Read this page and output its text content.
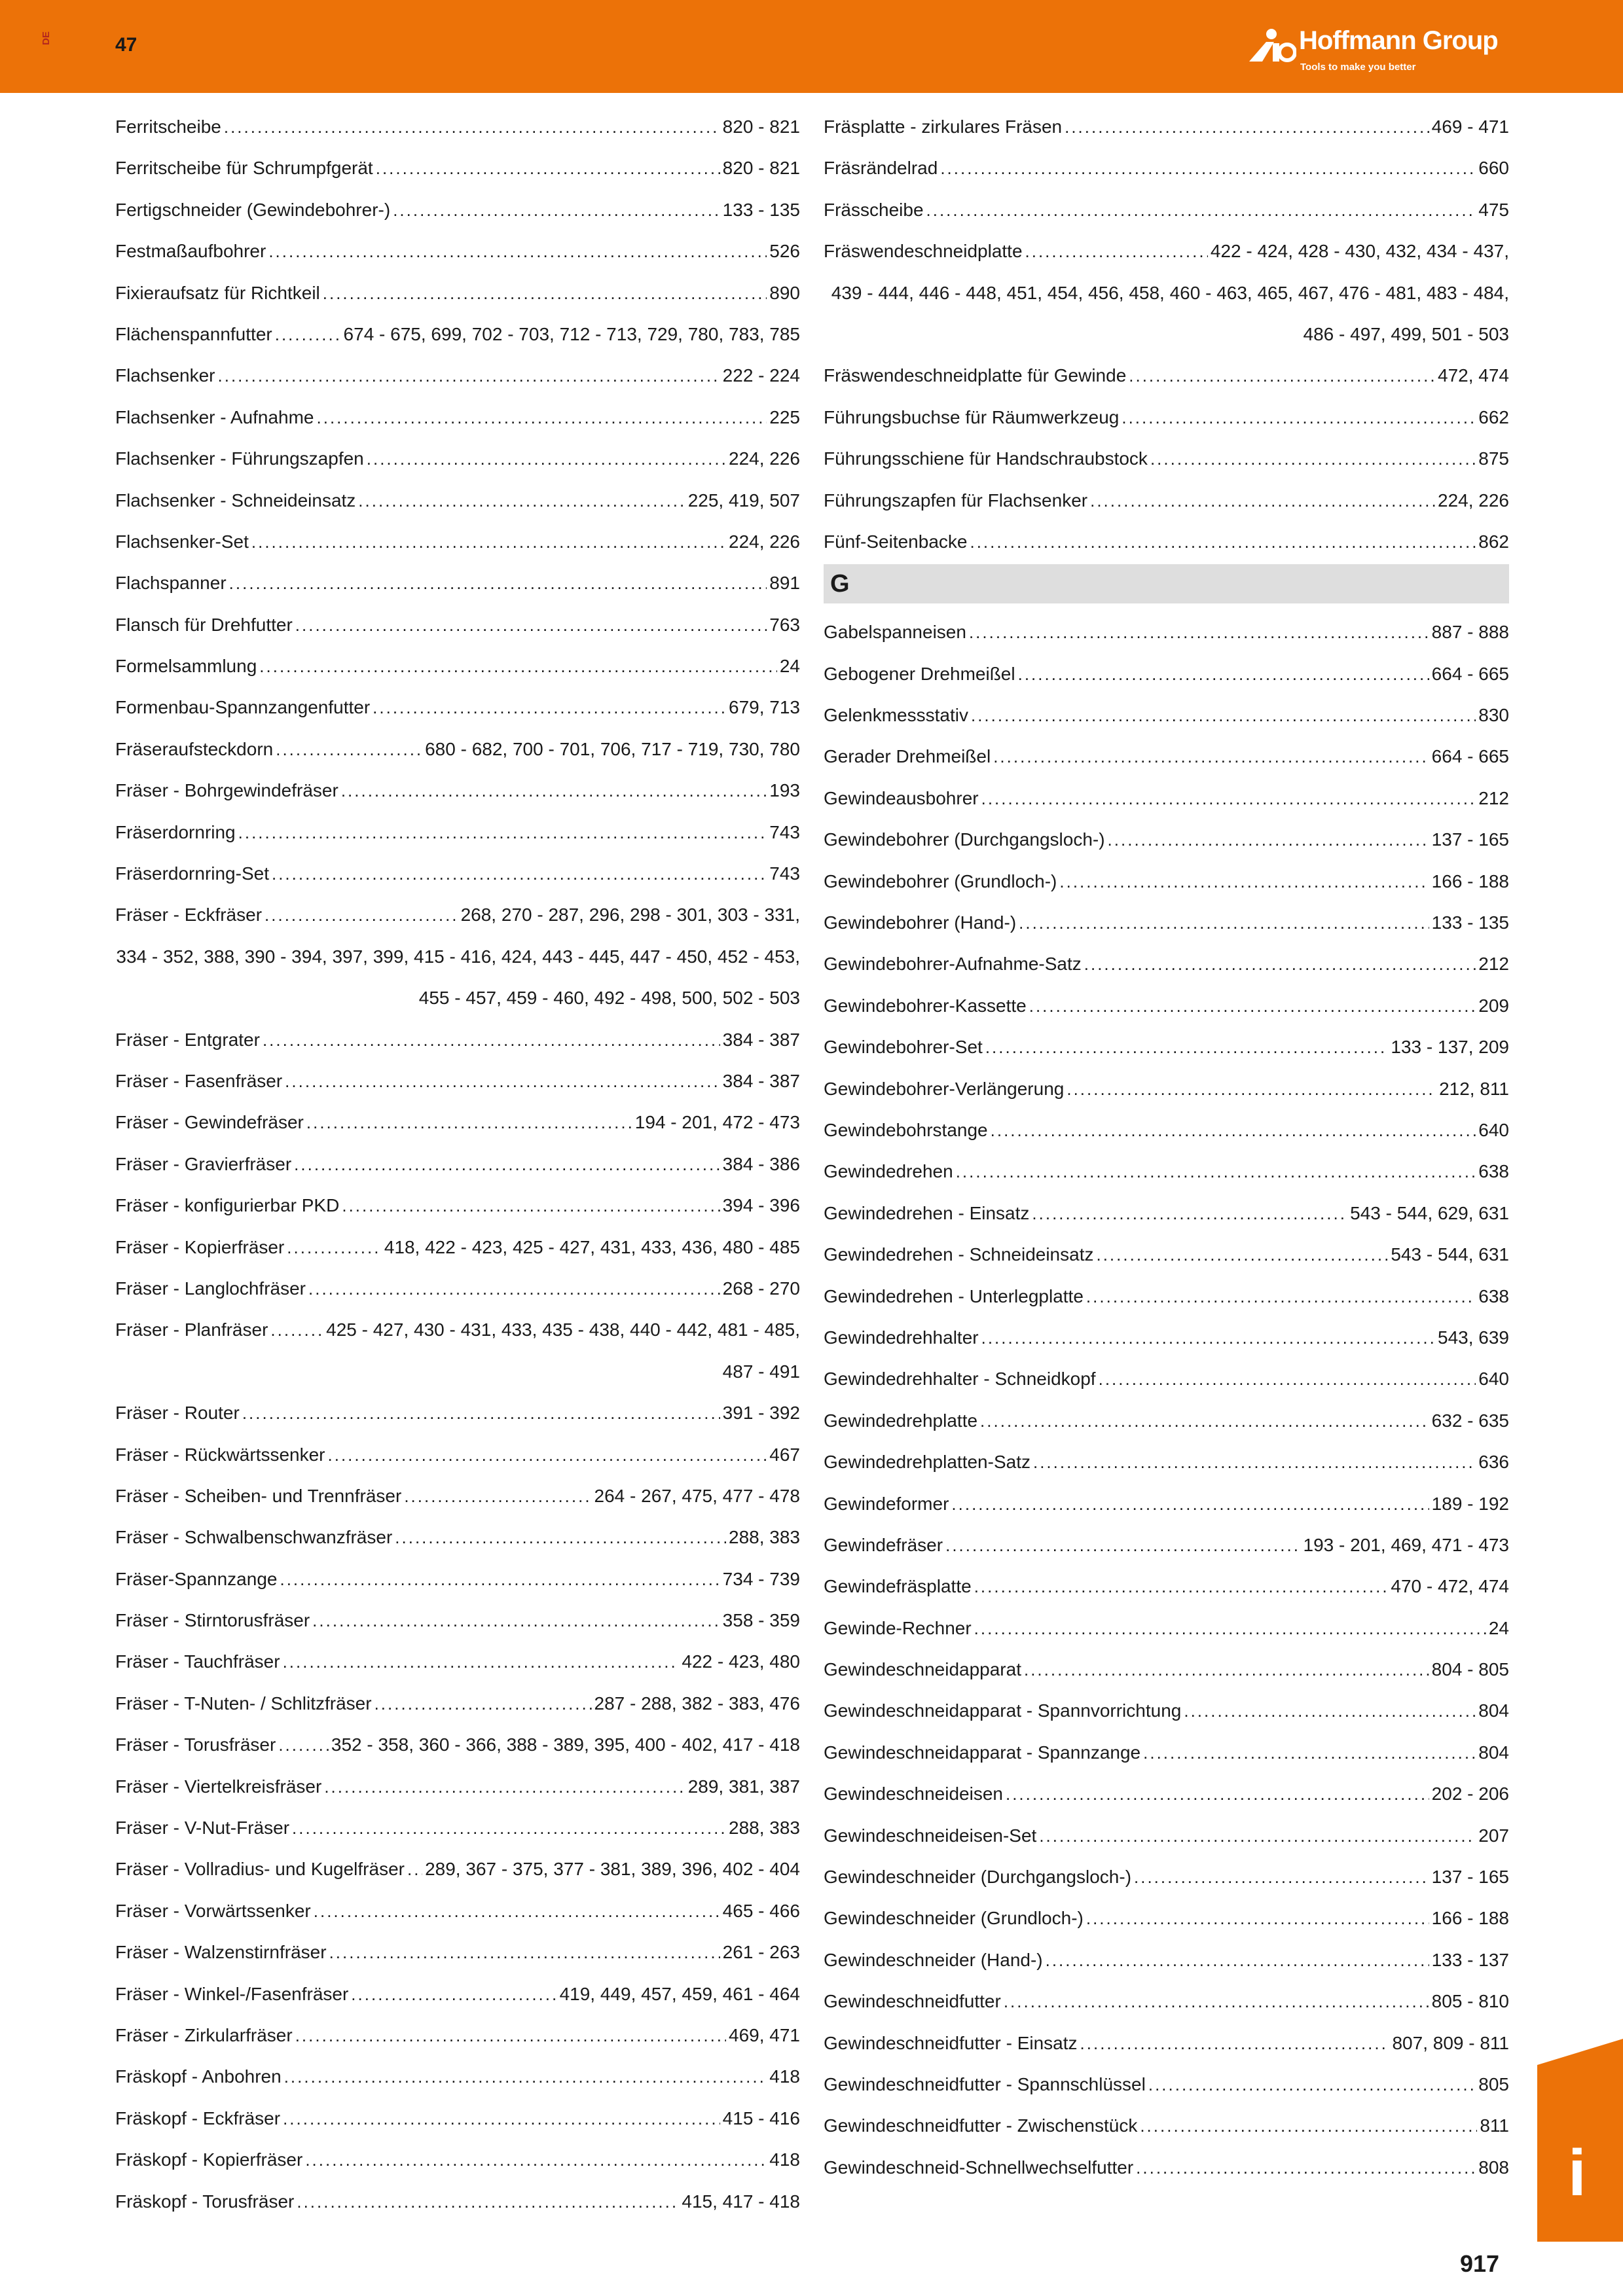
DE	47	Hoffmann Group
Tools to make you better
Ferritscheibe .....	820 - 821
Ferritscheibe für Schrumpfgerät .....	820 - 821
Fertigschneider (Gewindebohrer-) .....	133 - 135
Festmaßaufbohrer .....	526
Fixieraufsatz für Richtkeil .....	890
Flächenspannfutter .....	674 - 675, 699, 702 - 703, 712 - 713, 729, 780, 783, 785
Flachsenker .....	222 - 224
Flachsenker - Aufnahme .....	225
Flachsenker - Führungszapfen .....	224, 226
Flachsenker - Schneideinsatz .....	225, 419, 507
Flachsenker-Set .....	224, 226
Flachspanner .....	891
Flansch für Drehfutter .....	763
Formelsammlung .....	24
Formenbau-Spannzangenfutter .....	679, 713
Fräseraufsteckdorn .....	680 - 682, 700 - 701, 706, 717 - 719, 730, 780
Fräser - Bohrgewindefräser .....	193
Fräserdornring .....	743
Fräserdornring-Set .....	743
Fräser - Eckfräser .....	268, 270 - 287, 296, 298 - 301, 303 - 331,
334 - 352, 388, 390 - 394, 397, 399, 415 - 416, 424, 443 - 445, 447 - 450, 452 - 453,
455 - 457, 459 - 460, 492 - 498, 500, 502 - 503
Fräser - Entgrater .....	384 - 387
Fräser - Fasenfräser .....	384 - 387
Fräser - Gewindefräser .....	194 - 201, 472 - 473
Fräser - Gravierfräser .....	384 - 386
Fräser - konfigurierbar PKD .....	394 - 396
Fräser - Kopierfräser .....	418, 422 - 423, 425 - 427, 431, 433, 436, 480 - 485
Fräser - Langlochfräser .....	268 - 270
Fräser - Planfräser .....	425 - 427, 430 - 431, 433, 435 - 438, 440 - 442, 481 - 485,
487 - 491
Fräser - Router .....	391 - 392
Fräser - Rückwärtssenker .....	467
Fräser - Scheiben- und Trennfräser .....	264 - 267, 475, 477 - 478
Fräser - Schwalbenschwanzfräser .....	288, 383
Fräser-Spannzange .....	734 - 739
Fräser - Stirntorusfräser .....	358 - 359
Fräser - Tauchfräser .....	422 - 423, 480
Fräser - T-Nuten- / Schlitzfräser .....	287 - 288, 382 - 383, 476
Fräser - Torusfräser .....	352 - 358, 360 - 366, 388 - 389, 395, 400 - 402, 417 - 418
Fräser - Viertelkreisfräser .....	289, 381, 387
Fräser - V-Nut-Fräser .....	288, 383
Fräser - Vollradius- und Kugelfräser ..... 289, 367 - 375, 377 - 381, 389, 396, 402 - 404
Fräser - Vorwärtssenker .....	465 - 466
Fräser - Walzenstirnfräser .....	261 - 263
Fräser - Winkel-/Fasenfräser .....	419, 449, 457, 459, 461 - 464
Fräser - Zirkularfräser .....	469, 471
Fräskopf - Anbohren .....	418
Fräskopf - Eckfräser .....	415 - 416
Fräskopf - Kopierfräser .....	418
Fräskopf - Torusfräser .....	415, 417 - 418
Fräsplatte - zirkulares Fräsen .....	469 - 471
Fräsrändelrad .....	660
Frässcheibe .....	475
Fräswendeschneidplatte .....	422 - 424, 428 - 430, 432, 434 - 437,
439 - 444, 446 - 448, 451, 454, 456, 458, 460 - 463, 465, 467, 476 - 481, 483 - 484,
486 - 497, 499, 501 - 503
Fräswendeschneidplatte für Gewinde .....	472, 474
Führungsbuchse für Räumwerkzeug .....	662
Führungsschiene für Handschraubstock .....	875
Führungszapfen für Flachsenker .....	224, 226
Fünf-Seitenbacke .....	862
G
Gabelspanneisen .....	887 - 888
Gebogener Drehmeißel .....	664 - 665
Gelenkmessstativ .....	830
Gerader Drehmeißel .....	664 - 665
Gewindeausbohrer .....	212
Gewindebohrer (Durchgangsloch-) .....	137 - 165
Gewindebohrer (Grundloch-) .....	166 - 188
Gewindebohrer (Hand-) .....	133 - 135
Gewindebohrer-Aufnahme-Satz .....	212
Gewindebohrer-Kassette .....	209
Gewindebohrer-Set .....	133 - 137, 209
Gewindebohrer-Verlängerung .....	212, 811
Gewindebohrstange .....	640
Gewindedrehen .....	638
Gewindedrehen - Einsatz .....	543 - 544, 629, 631
Gewindedrehen - Schneideinsatz .....	543 - 544, 631
Gewindedrehen - Unterlegplatte .....	638
Gewindedrehhalter .....	543, 639
Gewindedrehhalter - Schneidkopf .....	640
Gewindedrehplatte .....	632 - 635
Gewindedrehplatten-Satz .....	636
Gewindeformer .....	189 - 192
Gewindefräser .....	193 - 201, 469, 471 - 473
Gewindefräsplatte .....	470 - 472, 474
Gewinde-Rechner .....	24
Gewindeschneidapparat .....	804 - 805
Gewindeschneidapparat - Spannvorrichtung .....	804
Gewindeschneidapparat - Spannzange .....	804
Gewindeschneideisen .....	202 - 206
Gewindeschneideisen-Set .....	207
Gewindeschneider (Durchgangsloch-) .....	137 - 165
Gewindeschneider (Grundloch-) .....	166 - 188
Gewindeschneider (Hand-) .....	133 - 137
Gewindeschneidfutter .....	805 - 810
Gewindeschneidfutter - Einsatz .....	807, 809 - 811
Gewindeschneidfutter - Spannschlüssel .....	805
Gewindeschneidfutter - Zwischenstück .....	811
Gewindeschneid-Schnellwechselfutter .....	808 i
917
